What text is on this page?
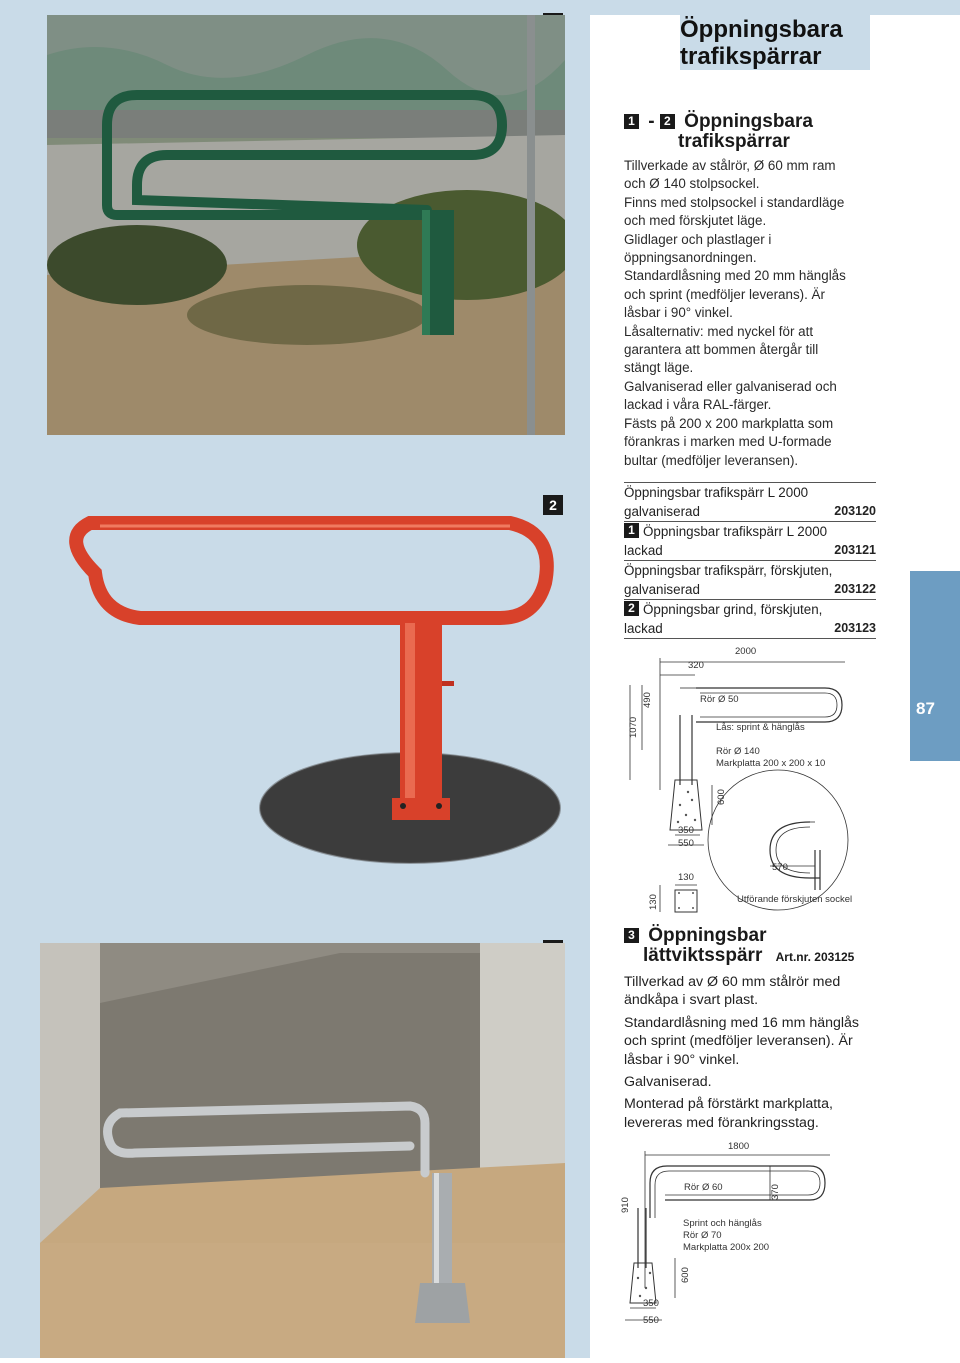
Öppningsbara
trafikspärrar
1 - 2 Öppningsbara
trafikspärrar

Tillverkade av stålrör, Ø 60 mm ram

och Ø 140 stolpsockel.

Finns med stolpsockel i standardläge

och med förskjutet läge.

Glidlager och plastlager i

öppningsanordningen.

Standardlåsning med 20 mm hänglås

och sprint (medföljer leverans). Är

låsbar i 90° vinkel.

Låsalternativ: med nyckel för att

garantera att bommen återgår till

stängt läge.

Galvaniserad eller galvaniserad och

lackad i våra RAL-färger.

Fästs på 200 x 200 markplatta som

förankras i marken med U-formade

bultar (medföljer leveransen).

2
Öppningsbar trafikspärr L 2000
galvaniserad	203120
1 Öppningsbar trafikspärr L 2000
lackad	203121
Öppningsbar trafikspärr, förskjuten,
galvaniserad	203122
2 Öppningsbar grind, förskjuten,
lackad	203123
2000
320
Rör Ø 50
Lås: sprint & hänglås
Rör Ø 140
Markplatta 200 x 200 x 10
350
550
570
130
Utförande förskjuten sockel
490
1070
600
130
87
3 Öppningsbar
lättviktsspärr Art.nr. 203125

Tillverkad av Ø 60 mm stålrör med ändkåpa i svart plast.

Standardlåsning med 16 mm hänglås och sprint (medföljer leveransen). Är låsbar i 90° vinkel.

Galvaniserad.

Monterad på förstärkt markplatta, levereras med förankringsstag.

1800
Rör Ø 60
Sprint och hänglås
Rör Ø 70
Markplatta 200x 200
350
550
370
910
600
